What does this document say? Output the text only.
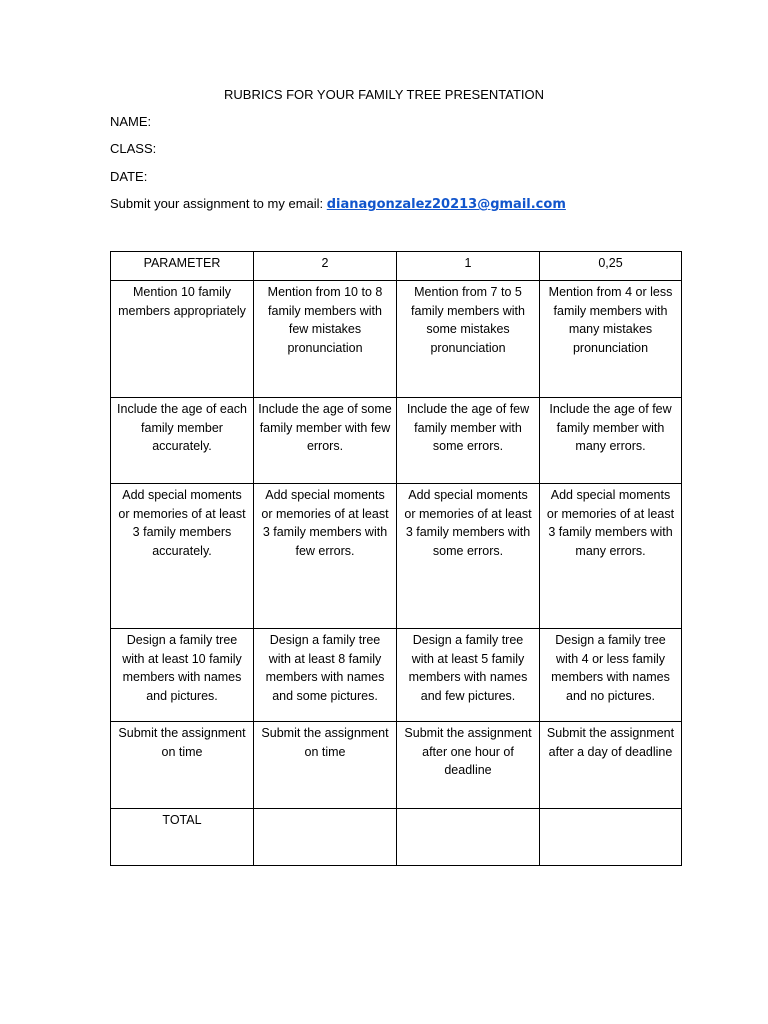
RUBRICS FOR YOUR FAMILY TREE PRESENTATION
NAME:
CLASS:
DATE:
Submit your assignment to my email: dianagonzalez20213@gmail.com
PARAMETER	2	1	0,25
Mention 10 family members appropriately	Mention from 10 to 8 family members with few mistakes pronunciation	Mention from 7 to 5 family members with some mistakes pronunciation	Mention from 4 or less family members with many mistakes pronunciation
Include the age of each family member accurately.	Include the age of some family member with few errors.	Include the age of few family member with some errors.	Include the age of few family member with many errors.
Add special moments or memories of at least 3 family members accurately.	Add special moments or memories of at least 3 family members with few errors.	Add special moments or memories of at least 3 family members with some errors.	Add special moments or memories of at least 3 family members with many errors.
Design a family tree with at least 10 family members with names and pictures.	Design a family tree with at least 8 family members with names and some pictures.	Design a family tree with at least 5 family members with names and few pictures.	Design a family tree with 4 or less family members with names and no pictures.
Submit the assignment on time	Submit the assignment on time	Submit the assignment after one hour of deadline	Submit the assignment after a day of deadline
TOTAL			
